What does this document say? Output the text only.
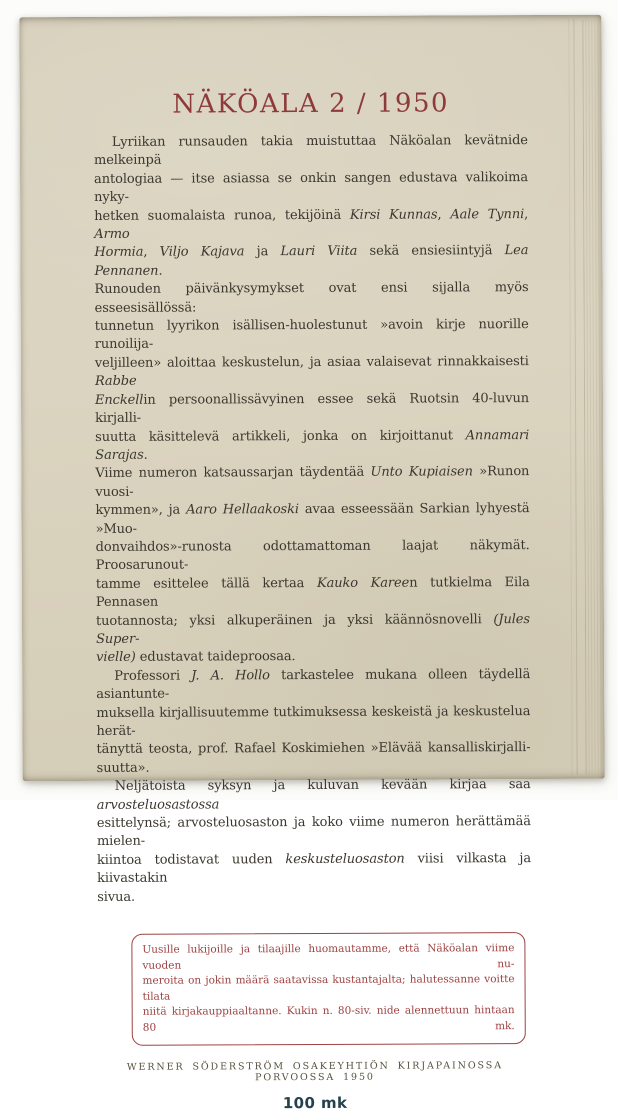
NÄKÖALA 2 / 1950
Lyriikan runsauden takia muistuttaa Näköalan kevätnide melkeinpä
antologiaa — itse asiassa se onkin sangen edustava valikoima nyky-
hetken suomalaista runoa, tekijöinä Kirsi Kunnas, Aale Tynni, Armo
Hormia, Viljo Kajava ja Lauri Viita sekä ensiesiintyjä Lea Pennanen.
Runouden päivänkysymykset ovat ensi sijalla myös esseesisällössä:
tunnetun lyyrikon isällisen-huolestunut »avoin kirje nuorille runoilija-
veljilleen» aloittaa keskustelun, ja asiaa valaisevat rinnakkaisesti Rabbe
Enckellin persoonallissävyinen essee sekä Ruotsin 40-luvun kirjalli-
suutta käsittelevä artikkeli, jonka on kirjoittanut Annamari Sarajas.
Viime numeron katsaussarjan täydentää Unto Kupiaisen »Runon vuosi-
kymmen», ja Aaro Hellaakoski avaa esseessään Sarkian lyhyestä »Muo-
donvaihdos»-runosta odottamattoman laajat näkymät. Proosarunout-
tamme esittelee tällä kertaa Kauko Kareen tutkielma Eila Pennasen
tuotannosta; yksi alkuperäinen ja yksi käännösnovelli (Jules Super-
vielle) edustavat taideproosaa.
Professori J. A. Hollo tarkastelee mukana olleen täydellä asiantunte-
muksella kirjallisuutemme tutkimuksessa keskeistä ja keskustelua herät-
tänyttä teosta, prof. Rafael Koskimiehen »Elävää kansalliskirjalli-
suutta».
Neljätoista syksyn ja kuluvan kevään kirjaa saa arvosteluosastossa
esittelynsä; arvosteluosaston ja koko viime numeron herättämää mielen-
kiintoa todistavat uuden keskusteluosaston viisi vilkasta ja kiivastakin
sivua.
Uusille lukijoille ja tilaajille huomautamme, että Näköalan viime vuoden nu-
meroita on jokin määrä saatavissa kustantajalta; halutessanne voitte tilata
niitä kirjakauppiaaltanne. Kukin n. 80-siv. nide alennettuun hintaan 80 mk.
WERNER SÖDERSTRÖM OSAKEYHTIÖN KIRJAPAINOSSA PORVOOSSA 1950
100 mk
